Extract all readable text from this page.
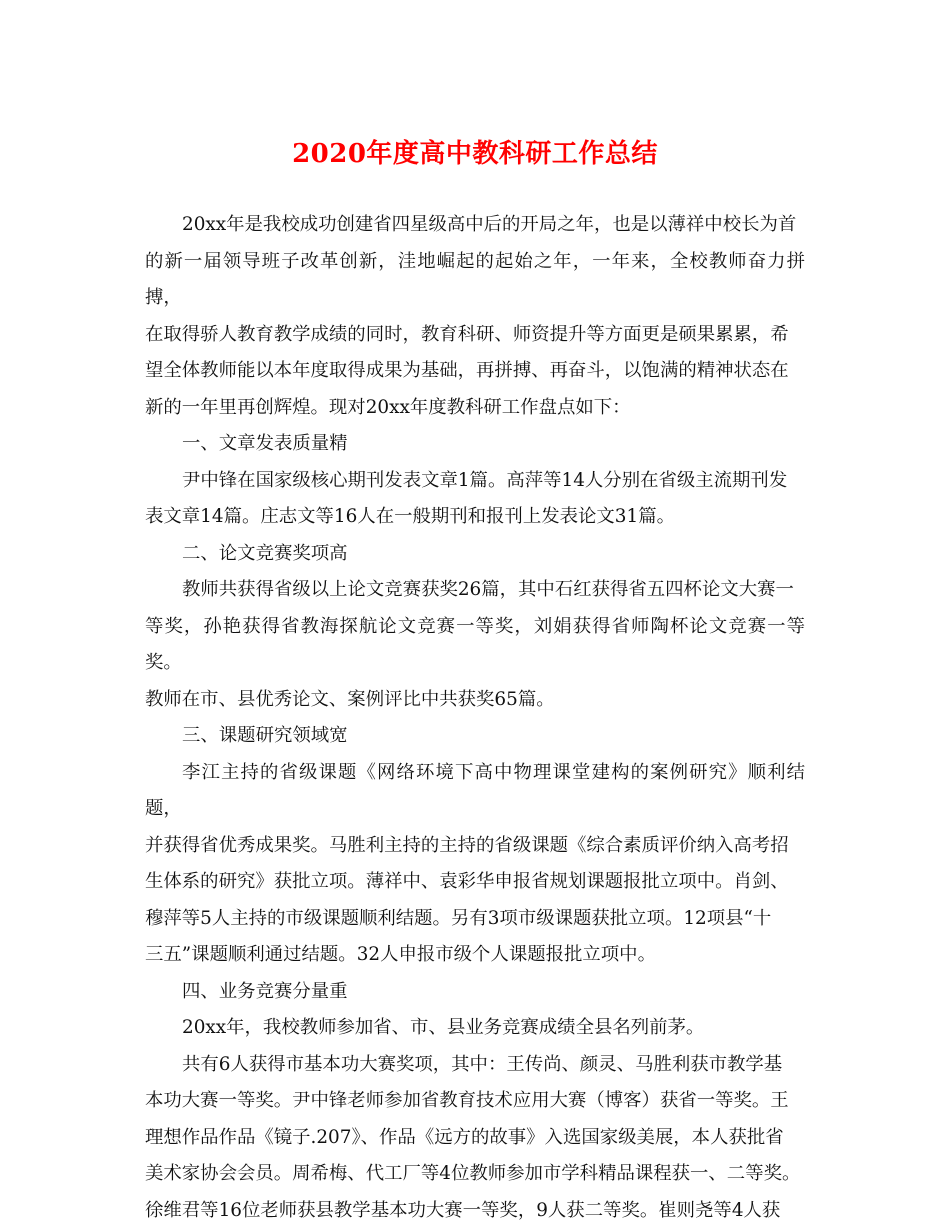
2020年度高中教科研工作总结

20xx年是我校成功创建省四星级高中后的开局之年，也是以薄祥中校长为首
的新一届领导班子改革创新，洼地崛起的起始之年，一年来，全校教师奋力拼搏，
在取得骄人教育教学成绩的同时，教育科研、师资提升等方面更是硕果累累，希
望全体教师能以本年度取得成果为基础，再拼搏、再奋斗，以饱满的精神状态在
新的一年里再创辉煌。现对20xx年度教科研工作盘点如下：

一、文章发表质量精

尹中锋在国家级核心期刊发表文章1篇。高萍等14人分别在省级主流期刊发
表文章14篇。庄志文等16人在一般期刊和报刊上发表论文31篇。

二、论文竞赛奖项高

教师共获得省级以上论文竞赛获奖26篇，其中石红获得省五四杯论文大赛一
等奖，孙艳获得省教海探航论文竞赛一等奖，刘娟获得省师陶杯论文竞赛一等奖。
教师在市、县优秀论文、案例评比中共获奖65篇。

三、课题研究领域宽

李江主持的省级课题《网络环境下高中物理课堂建构的案例研究》顺利结题，
并获得省优秀成果奖。马胜利主持的主持的省级课题《综合素质评价纳入高考招
生体系的研究》获批立项。薄祥中、袁彩华申报省规划课题报批立项中。肖剑、
穆萍等5人主持的市级课题顺利结题。另有3项市级课题获批立项。12项县“十
三五”课题顺利通过结题。32人申报市级个人课题报批立项中。

四、业务竞赛分量重

20xx年，我校教师参加省、市、县业务竞赛成绩全县名列前茅。

共有6人获得市基本功大赛奖项，其中：王传尚、颜灵、马胜利获市教学基
本功大赛一等奖。尹中锋老师参加省教育技术应用大赛（博客）获省一等奖。王
理想作品作品《镜子.207》、作品《远方的故事》入选国家级美展，本人获批省
美术家协会会员。周希梅、代工厂等4位教师参加市学科精品课程获一、二等奖。
徐维君等16位老师获县教学基本功大赛一等奖，9人获二等奖。崔则尧等4人获
